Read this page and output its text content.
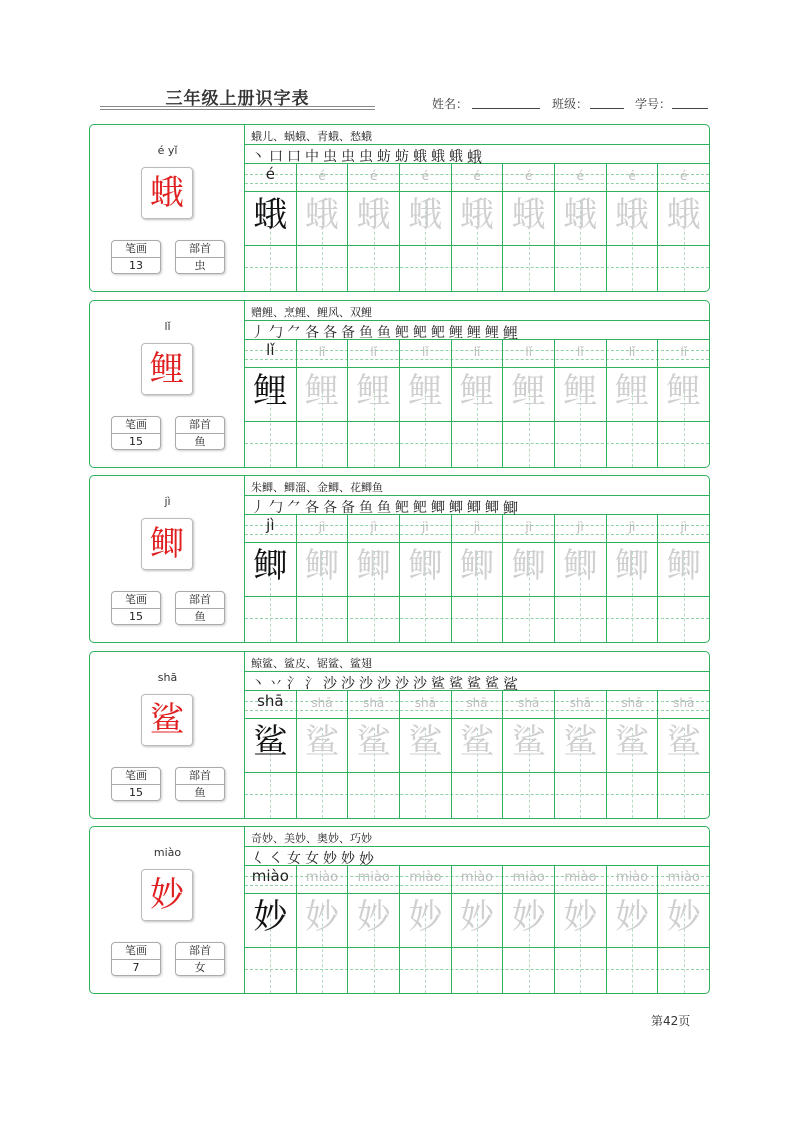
三年级上册识字表	姓名：	班级：	学号：
é yǐ
蛾
笔画
13
部首
虫
蛾儿、蜗蛾、青蛾、愁蛾
丶 口 口 中 虫 虫 虫 蚄 蚄 蛾 蛾 蛾 蛾
é
蛾
é
蛾
é
蛾
é
蛾
é
蛾
é
蛾
é
蛾
é
蛾
é
蛾
lǐ
鲤
笔画
15
部首
鱼
赠鲤、烹鲤、鲤风、双鲤
丿 勹 ⺈ 各 各 备 鱼 鱼 鲃 鲃 鲃 鲤 鲤 鲤 鲤
lǐ
鲤
lǐ
鲤
lǐ
鲤
lǐ
鲤
lǐ
鲤
lǐ
鲤
lǐ
鲤
lǐ
鲤
lǐ
鲤
jì
鲫
笔画
15
部首
鱼
朱鲫、鲫溜、金鲫、花鲫鱼
丿 勹 ⺈ 各 各 备 鱼 鱼 鲃 鲃 鲫 鲫 鲫 鲫 鲫
jì
鲫
jì
鲫
jì
鲫
jì
鲫
jì
鲫
jì
鲫
jì
鲫
jì
鲫
jì
鲫
shā
鲨
笔画
15
部首
鱼
鲸鲨、鲨皮、锯鲨、鲨翅
丶 丷 氵 氵 沙 沙 沙 沙 沙 沙 鲨 鲨 鲨 鲨 鲨
shā
鲨
shā
鲨
shā
鲨
shā
鲨
shā
鲨
shā
鲨
shā
鲨
shā
鲨
shā
鲨
miào
妙
笔画
7
部首
女
奇妙、美妙、奥妙、巧妙
𡿨 ㇛ 女 女 妙 妙 妙
miào
妙
miào
妙
miào
妙
miào
妙
miào
妙
miào
妙
miào
妙
miào
妙
miào
妙
第42页
